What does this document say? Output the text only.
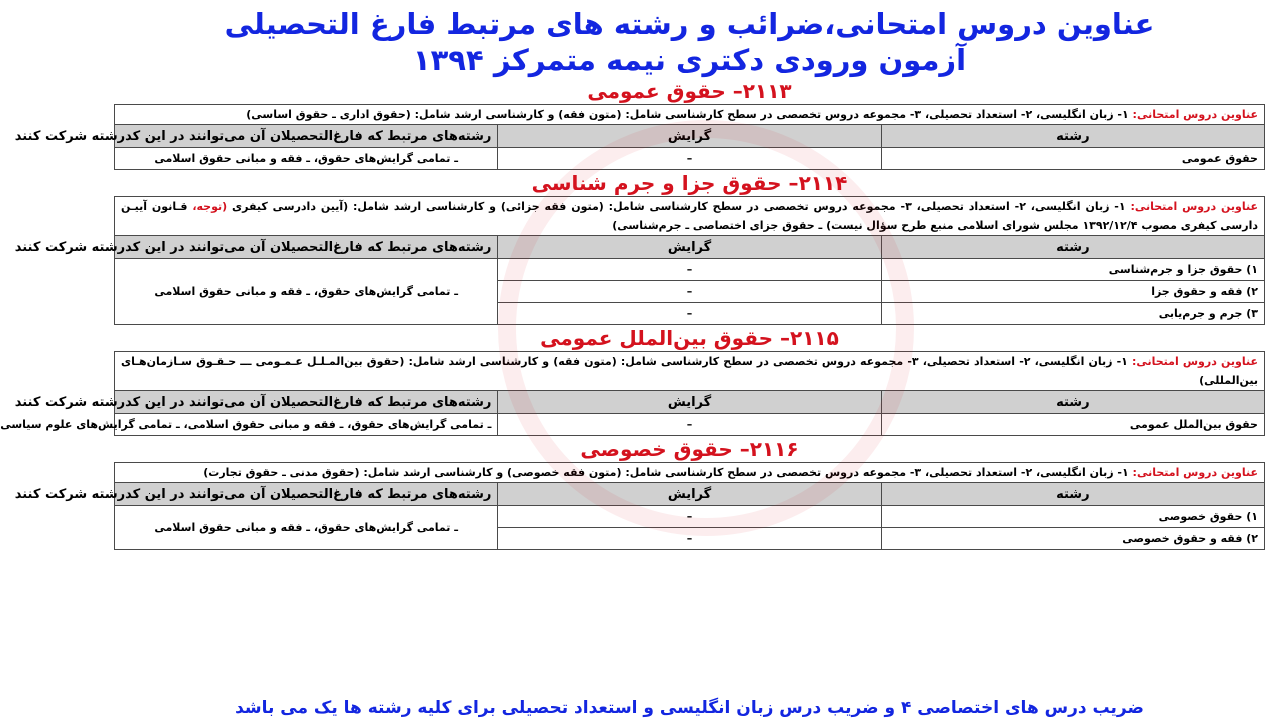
عناوین دروس امتحانی،ضرائب و رشته های مرتبط فارغ التحصیلی
آزمون ورودی دکتری نیمه متمرکز ۱۳۹۴
۲۱۱۳– حقوق عمومی
عناوین دروس امتحانی: ۱- زبان انگلیسی، ۲- استعداد تحصیلی، ۳- مجموعه دروس تخصصی در سطح کارشناسی شامل: (متون فقه) و کارشناسی ارشد شامل: (حقوق اداری ـ حقوق اساسی)		
رشته	گرایش	رشته‌های مرتبط که فارغ‌التحصیلان آن می‌توانند در این کدرشته شرکت کنند
حقوق عمومی	–	ـ تمامی گرایش‌های حقوق، ـ فقه و مبانی حقوق اسلامی
۲۱۱۴– حقوق جزا و جرم شناسی
عناوین دروس امتحانی: ۱- زبان انگلیسی، ۲- استعداد تحصیلی، ۳- مجموعه دروس تخصصی در سطح کارشناسی شامل: (متون فقه جزائی) و کارشناسی ارشد شامل: (آیین دادرسی کیفری (توجه، قـانون آییـن دارسی کیفری مصوب ۱۳۹۲/۱۲/۴ مجلس شورای اسلامی منبع طرح سؤال نیست) ـ حقوق جزای اختصاصی ـ جرم‌شناسی)		
رشته	گرایش	رشته‌های مرتبط که فارغ‌التحصیلان آن می‌توانند در این کدرشته شرکت کنند
۱) حقوق جزا و جرم‌شناسی	–	ـ تمامی گرایش‌های حقوق، ـ فقه و مبانی حقوق اسلامی
۲) فقه و حقوق جزا	–	
۳) جرم و جرم‌یابی	–	
۲۱۱۵– حقوق بین‌الملل عمومی
عناوین دروس امتحانی: ۱- زبان انگلیسی، ۲- استعداد تحصیلی، ۳- مجموعه دروس تخصصی در سطح کارشناسی شامل: (متون فقه) و کارشناسی ارشد شامل: (حقوق بین‌المـلـل عـمـومی ـــ حـقـوق سـازمان‌هـای بین‌المللی)		
رشته	گرایش	رشته‌های مرتبط که فارغ‌التحصیلان آن می‌توانند در این کدرشته شرکت کنند
حقوق بین‌الملل عمومی	–	ـ تمامی گرایش‌های حقوق، ـ فقه و مبانی حقوق اسلامی، ـ تمامی گرایش‌های علوم سیاسی
۲۱۱۶– حقوق خصوصی
عناوین دروس امتحانی: ۱- زبان انگلیسی، ۲- استعداد تحصیلی، ۳- مجموعه دروس تخصصی در سطح کارشناسی شامل: (متون فقه خصوصی) و کارشناسی ارشد شامل: (حقوق مدنی ـ حقوق تجارت)		
رشته	گرایش	رشته‌های مرتبط که فارغ‌التحصیلان آن می‌توانند در این کدرشته شرکت کنند
۱) حقوق خصوصی	–	ـ تمامی گرایش‌های حقوق، ـ فقه و مبانی حقوق اسلامی
۲) فقه و حقوق خصوصی	–	
ضریب درس های اختصاصی ۴ و ضریب درس زبان انگلیسی و استعداد تحصیلی برای کلیه رشته ها یک می باشد
